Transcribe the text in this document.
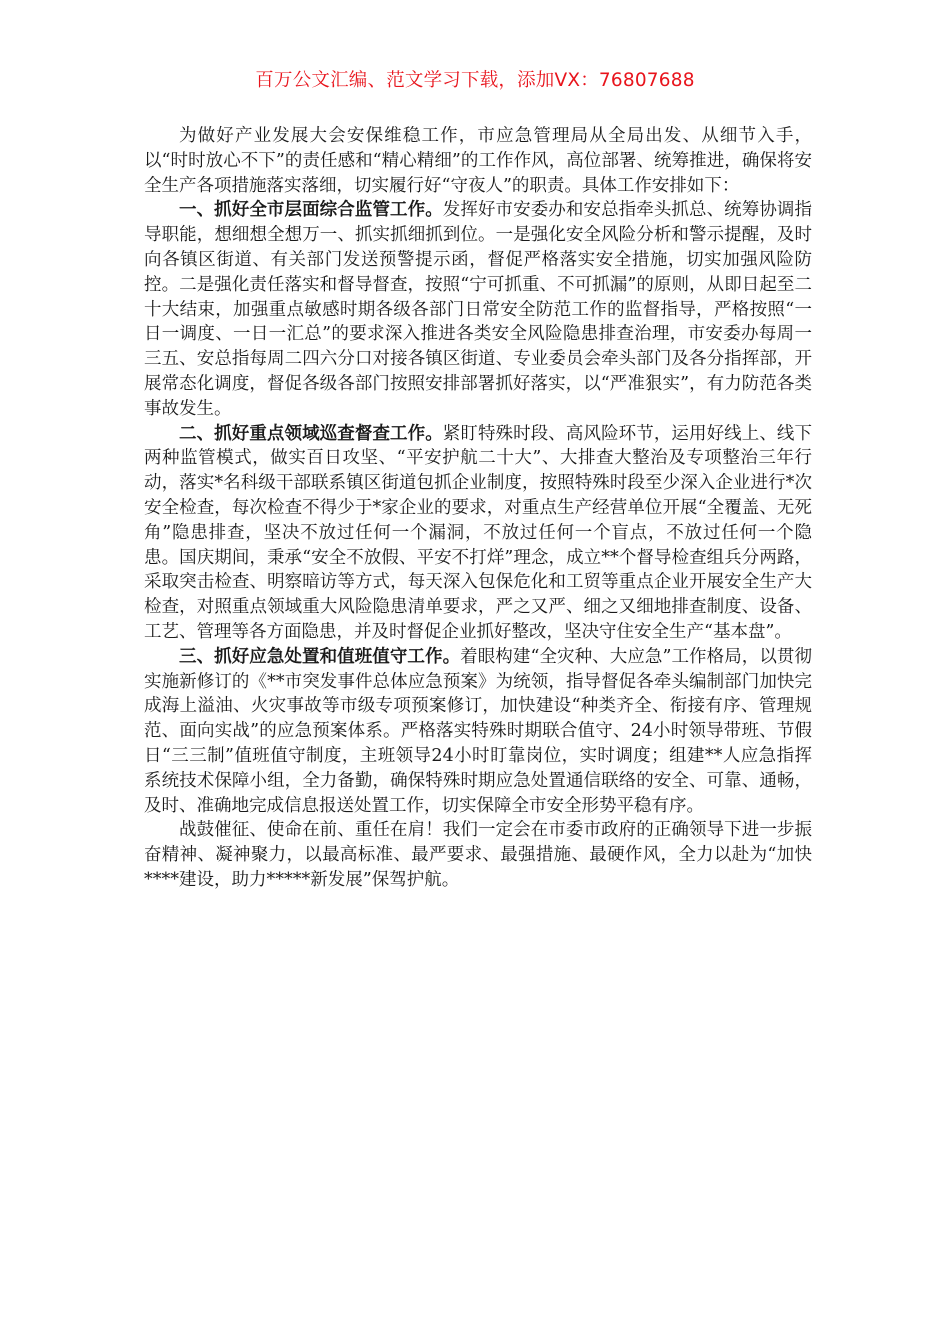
百万公文汇编、范文学习下载，添加VX：76807688

为做好产业发展大会安保维稳工作，市应急管理局从全局出发、从细节入手，以“时时放心不下”的责任感和“精心精细”的工作作风，高位部署、统筹推进，确保将安全生产各项措施落实落细，切实履行好“守夜人”的职责。具体工作安排如下：

一、抓好全市层面综合监管工作。发挥好市安委办和安总指牵头抓总、统筹协调指导职能，想细想全想万一、抓实抓细抓到位。一是强化安全风险分析和警示提醒，及时向各镇区街道、有关部门发送预警提示函，督促严格落实安全措施，切实加强风险防控。二是强化责任落实和督导督查，按照“宁可抓重、不可抓漏”的原则，从即日起至二十大结束，加强重点敏感时期各级各部门日常安全防范工作的监督指导，严格按照“一日一调度、一日一汇总”的要求深入推进各类安全风险隐患排查治理，市安委办每周一三五、安总指每周二四六分口对接各镇区街道、专业委员会牵头部门及各分指挥部，开展常态化调度，督促各级各部门按照安排部署抓好落实，以“严准狠实”，有力防范各类事故发生。

二、抓好重点领域巡查督查工作。紧盯特殊时段、高风险环节，运用好线上、线下两种监管模式，做实百日攻坚、“平安护航二十大”、大排查大整治及专项整治三年行动，落实*名科级干部联系镇区街道包抓企业制度，按照特殊时段至少深入企业进行*次安全检查，每次检查不得少于*家企业的要求，对重点生产经营单位开展“全覆盖、无死角”隐患排查，坚决不放过任何一个漏洞，不放过任何一个盲点，不放过任何一个隐患。国庆期间，秉承“安全不放假、平安不打烊”理念，成立**个督导检查组兵分两路，采取突击检查、明察暗访等方式，每天深入包保危化和工贸等重点企业开展安全生产大检查，对照重点领域重大风险隐患清单要求，严之又严、细之又细地排查制度、设备、工艺、管理等各方面隐患，并及时督促企业抓好整改，坚决守住安全生产“基本盘”。

三、抓好应急处置和值班值守工作。着眼构建“全灾种、大应急”工作格局，以贯彻实施新修订的《**市突发事件总体应急预案》为统领，指导督促各牵头编制部门加快完成海上溢油、火灾事故等市级专项预案修订，加快建设“种类齐全、衔接有序、管理规范、面向实战”的应急预案体系。严格落实特殊时期联合值守、24小时领导带班、节假日“三三制”值班值守制度，主班领导24小时盯靠岗位，实时调度；组建**人应急指挥系统技术保障小组，全力备勤，确保特殊时期应急处置通信联络的安全、可靠、通畅，及时、准确地完成信息报送处置工作，切实保障全市安全形势平稳有序。

战鼓催征、使命在前、重任在肩！我们一定会在市委市政府的正确领导下进一步振奋精神、凝神聚力，以最高标准、最严要求、最强措施、最硬作风，全力以赴为“加快****建设，助力*****新发展”保驾护航。
